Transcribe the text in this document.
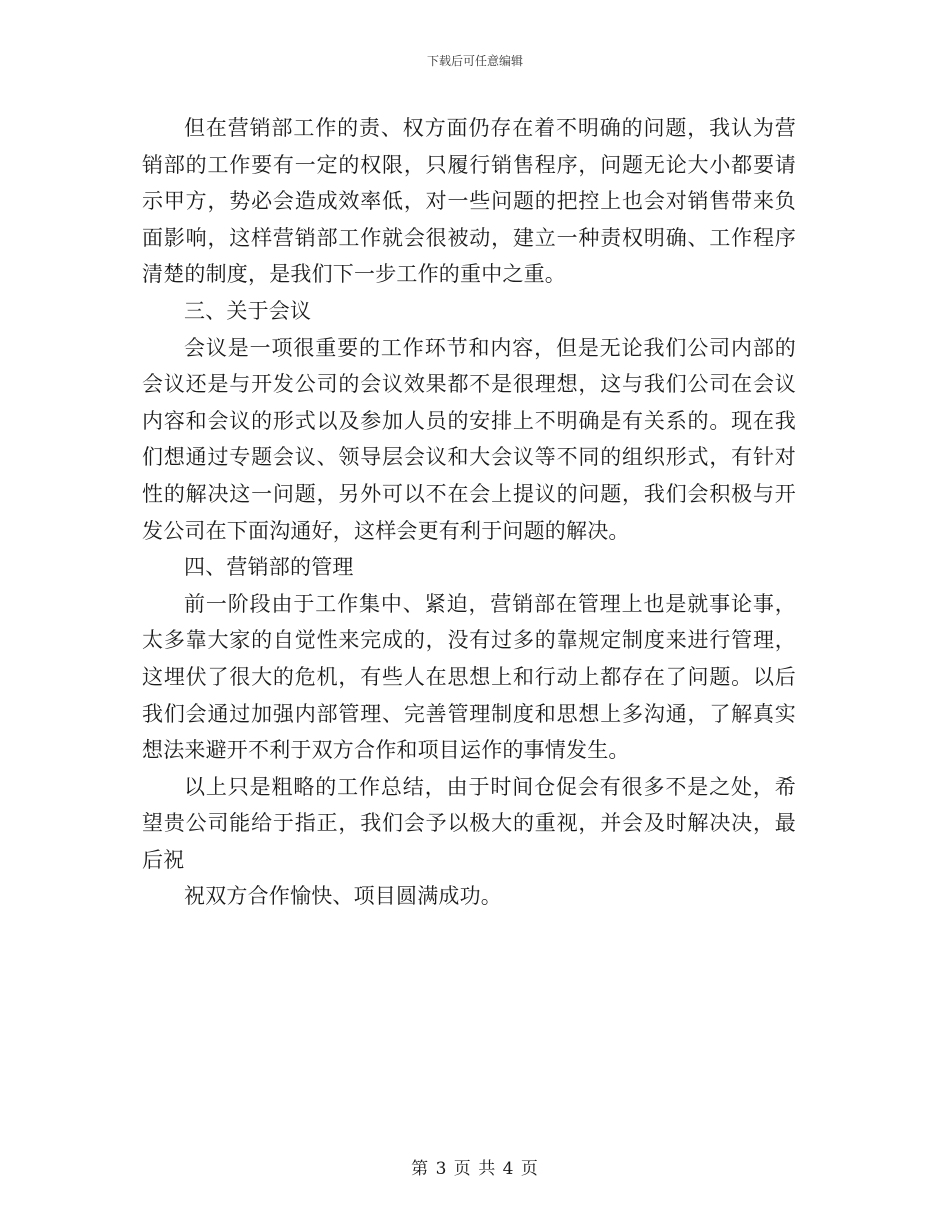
下载后可任意编辑

但在营销部工作的责、权方面仍存在着不明确的问题，我认为营销部的工作要有一定的权限，只履行销售程序，问题无论大小都要请示甲方，势必会造成效率低，对一些问题的把控上也会对销售带来负面影响，这样营销部工作就会很被动，建立一种责权明确、工作程序清楚的制度，是我们下一步工作的重中之重。

三、关于会议

会议是一项很重要的工作环节和内容，但是无论我们公司内部的会议还是与开发公司的会议效果都不是很理想，这与我们公司在会议内容和会议的形式以及参加人员的安排上不明确是有关系的。现在我们想通过专题会议、领导层会议和大会议等不同的组织形式，有针对性的解决这一问题，另外可以不在会上提议的问题，我们会积极与开发公司在下面沟通好，这样会更有利于问题的解决。

四、营销部的管理

前一阶段由于工作集中、紧迫，营销部在管理上也是就事论事，太多靠大家的自觉性来完成的，没有过多的靠规定制度来进行管理，这埋伏了很大的危机，有些人在思想上和行动上都存在了问题。以后我们会通过加强内部管理、完善管理制度和思想上多沟通，了解真实想法来避开不利于双方合作和项目运作的事情发生。

以上只是粗略的工作总结，由于时间仓促会有很多不是之处，希望贵公司能给于指正，我们会予以极大的重视，并会及时解决决，最后祝

祝双方合作愉快、项目圆满成功。

第 3 页 共 4 页
